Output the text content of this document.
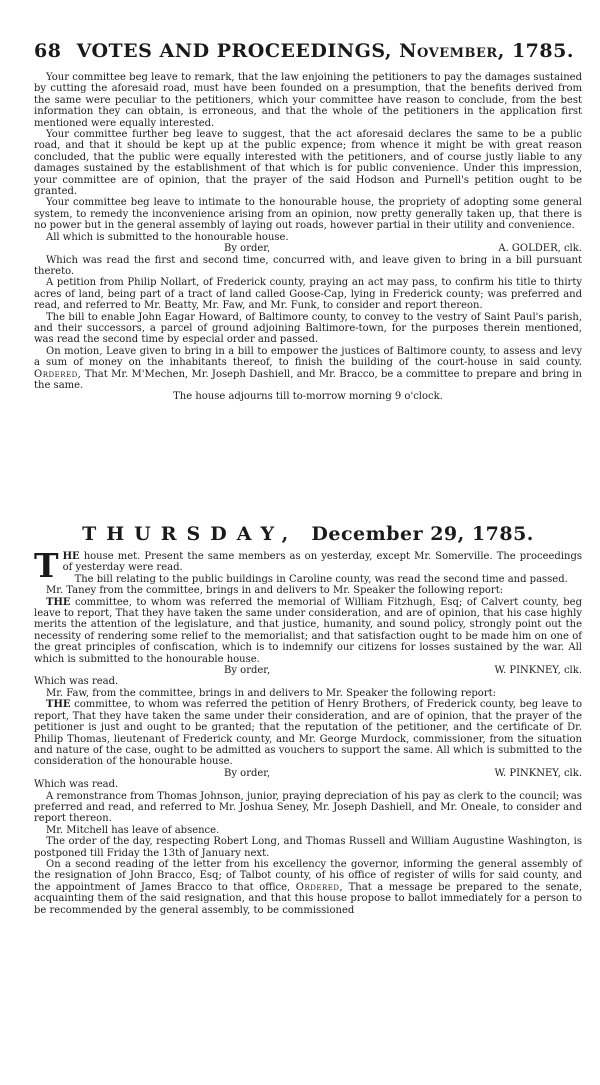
68 VOTES AND PROCEEDINGS, November, 1785.

Your committee beg leave to remark, that the law enjoining the petitioners to pay the damages sustained by cutting the aforesaid road, must have been founded on a presumption, that the benefits derived from the same were peculiar to the petitioners, which your committee have reason to conclude, from the best information they can obtain, is erroneous, and that the whole of the petitioners in the application first mentioned were equally interested.

Your committee further beg leave to suggest, that the act aforesaid declares the same to be a public road, and that it should be kept up at the public expence; from whence it might be with great reason concluded, that the public were equally interested with the petitioners, and of course justly liable to any damages sustained by the establishment of that which is for public convenience. Under this impression, your committee are of opinion, that the prayer of the said Hodson and Purnell's petition ought to be granted.

Your committee beg leave to intimate to the honourable house, the propriety of adopting some general system, to remedy the inconvenience arising from an opinion, now pretty generally taken up, that there is no power but in the general assembly of laying out roads, however partial in their utility and convenience.

All which is submitted to the honourable house.

By order,	A. GOLDER, clk.

Which was read the first and second time, concurred with, and leave given to bring in a bill pursuant thereto.

A petition from Philip Nollart, of Frederick county, praying an act may pass, to confirm his title to thirty acres of land, being part of a tract of land called Goose-Cap, lying in Frederick county; was preferred and read, and referred to Mr. Beatty, Mr. Faw, and Mr. Funk, to consider and report thereon.

The bill to enable John Eagar Howard, of Baltimore county, to convey to the vestry of Saint Paul's parish, and their successors, a parcel of ground adjoining Baltimore-town, for the purposes therein mentioned, was read the second time by especial order and passed.

On motion, Leave given to bring in a bill to empower the justices of Baltimore county, to assess and levy a sum of money on the inhabitants thereof, to finish the building of the court-house in said county. Ordered, That Mr. M'Mechen, Mr. Joseph Dashiell, and Mr. Bracco, be a committee to prepare and bring in the same.

The house adjourns till to-morrow morning 9 o'clock.
THURSDAY, December 29, 1785.

T HE house met. Present the same members as on yesterday, except Mr. Somerville. The proceedings of yesterday were read.

The bill relating to the public buildings in Caroline county, was read the second time and passed.

Mr. Taney from the committee, brings in and delivers to Mr. Speaker the following report:

THE committee, to whom was referred the memorial of William Fitzhugh, Esq; of Calvert county, beg leave to report, That they have taken the same under consideration, and are of opinion, that his case highly merits the attention of the legislature, and that justice, humanity, and sound policy, strongly point out the necessity of rendering some relief to the memorialist; and that satisfaction ought to be made him on one of the great principles of confiscation, which is to indemnify our citizens for losses sustained by the war. All which is submitted to the honourable house.

By order,	W. PINKNEY, clk.

Which was read.

Mr. Faw, from the committee, brings in and delivers to Mr. Speaker the following report:

THE committee, to whom was referred the petition of Henry Brothers, of Frederick county, beg leave to report, That they have taken the same under their consideration, and are of opinion, that the prayer of the petitioner is just and ought to be granted; that the reputation of the petitioner, and the certificate of Dr. Philip Thomas, lieutenant of Frederick county, and Mr. George Murdock, commissioner, from the situation and nature of the case, ought to be admitted as vouchers to support the same. All which is submitted to the consideration of the honourable house.

By order,	W. PINKNEY, clk.

Which was read.

A remonstrance from Thomas Johnson, junior, praying depreciation of his pay as clerk to the council; was preferred and read, and referred to Mr. Joshua Seney, Mr. Joseph Dashiell, and Mr. Oneale, to consider and report thereon.

Mr. Mitchell has leave of absence.

The order of the day, respecting Robert Long, and Thomas Russell and William Augustine Washington, is postponed till Friday the 13th of January next.

On a second reading of the letter from his excellency the governor, informing the general assembly of the resignation of John Bracco, Esq; of Talbot county, of his office of register of wills for said county, and the appointment of James Bracco to that office, Ordered, That a message be prepared to the senate, acquainting them of the said resignation, and that this house propose to ballot immediately for a person to be recommended by the general assembly, to be commissioned
